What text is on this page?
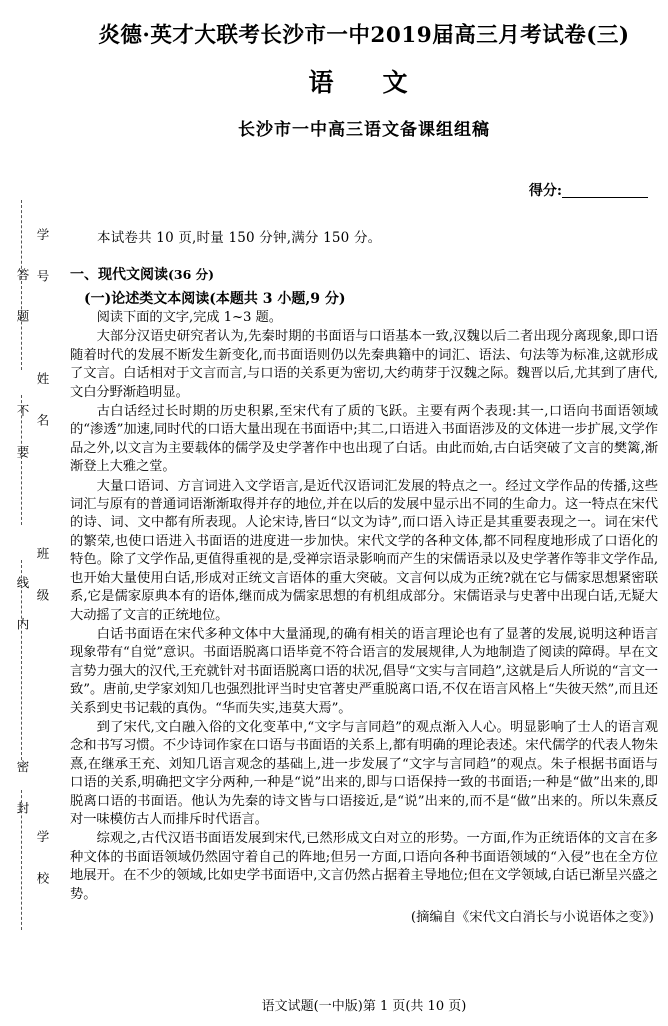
学 号
姓 名
班 级
学 校
答 题
不 要
线 内
密 封
炎德·英才大联考长沙市一中2019届高三月考试卷(三)
语　文
长沙市一中高三语文备课组组稿
得分:
本试卷共 10 页,时量 150 分钟,满分 150 分。
一、现代文阅读(36 分)
(一)论述类文本阅读(本题共 3 小题,9 分)
阅读下面的文字,完成 1~3 题。
大部分汉语史研究者认为,先秦时期的书面语与口语基本一致,汉魏以后二者出现分离现象,即口语随着时代的发展不断发生新变化,而书面语则仍以先秦典籍中的词汇、语法、句法等为标准,这就形成了文言。白话相对于文言而言,与口语的关系更为密切,大约萌芽于汉魏之际。魏晋以后,尤其到了唐代,文白分野渐趋明显。
古白话经过长时期的历史积累,至宋代有了质的飞跃。主要有两个表现:其一,口语向书面语领域的“渗透”加速,同时代的口语大量出现在书面语中;其二,口语进入书面语涉及的文体进一步扩展,文学作品之外,以文言为主要载体的儒学及史学著作中也出现了白话。由此而始,古白话突破了文言的樊篱,渐渐登上大雅之堂。
大量口语词、方言词进入文学语言,是近代汉语词汇发展的特点之一。经过文学作品的传播,这些词汇与原有的普通词语渐渐取得并存的地位,并在以后的发展中显示出不同的生命力。这一特点在宋代的诗、词、文中都有所表现。人论宋诗,皆曰“以文为诗”,而口语入诗正是其重要表现之一。词在宋代的繁荣,也使口语进入书面语的进度进一步加快。宋代文学的各种文体,都不同程度地形成了口语化的特色。除了文学作品,更值得重视的是,受禅宗语录影响而产生的宋儒语录以及史学著作等非文学作品,也开始大量使用白话,形成对正统文言语体的重大突破。文言何以成为正统?就在它与儒家思想紧密联系,它是儒家原典本有的语体,继而成为儒家思想的有机组成部分。宋儒语录与史著中出现白话,无疑大大动摇了文言的正统地位。
白话书面语在宋代多种文体中大量涌现,的确有相关的语言理论也有了显著的发展,说明这种语言现象带有“自觉”意识。书面语脱离口语毕竟不符合语言的发展规律,人为地制造了阅读的障碍。早在文言势力强大的汉代,王充就针对书面语脱离口语的状况,倡导“文实与言同趋”,这就是后人所说的“言文一致”。唐前,史学家刘知几也强烈批评当时史官著史严重脱离口语,不仅在语言风格上“失彼天然”,而且还关系到史书记载的真伪。“华而失实,违莫大焉”。
到了宋代,文白融入俗的文化变革中,“文字与言同趋”的观点渐入人心。明显影响了士人的语言观念和书写习惯。不少诗词作家在口语与书面语的关系上,都有明确的理论表述。宋代儒学的代表人物朱熹,在继承王充、刘知几语言观念的基础上,进一步发展了“文字与言同趋”的观点。朱子根据书面语与口语的关系,明确把文字分两种,一种是“说”出来的,即与口语保持一致的书面语;一种是“做”出来的,即脱离口语的书面语。他认为先秦的诗文皆与口语接近,是“说”出来的,而不是“做”出来的。所以朱熹反对一味模仿古人而排斥时代语言。
综观之,古代汉语书面语发展到宋代,已然形成文白对立的形势。一方面,作为正统语体的文言在多种文体的书面语领域仍然固守着自己的阵地;但另一方面,口语向各种书面语领域的“入侵”也在全方位地展开。在不少的领域,比如史学书面语中,文言仍然占据着主导地位;但在文学领域,白话已渐呈兴盛之势。
(摘编自《宋代文白消长与小说语体之变》)
语文试题(一中版)第 1 页(共 10 页)
